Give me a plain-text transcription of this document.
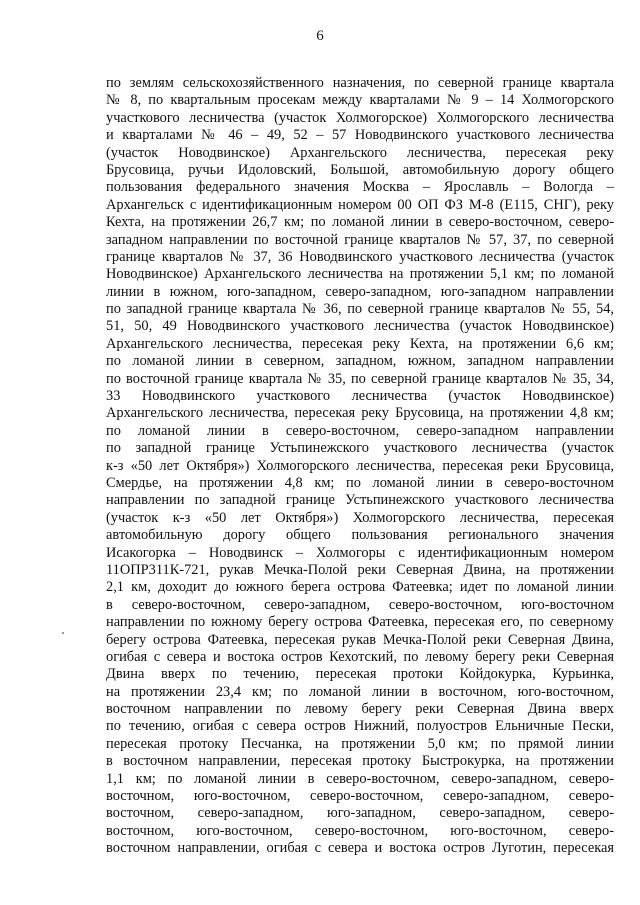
6
по землям сельскохозяйственного назначения, по северной границе квартала
№ 8, по квартальным просекам между кварталами № 9 – 14 Холмогорского
участкового лесничества (участок Холмогорское) Холмогорского лесничества
и кварталами № 46 – 49, 52 – 57 Новодвинского участкового лесничества
(участок Новодвинское) Архангельского лесничества, пересекая реку
Брусовица, ручьи Идоловский, Большой, автомобильную дорогу общего
пользования федерального значения Москва – Ярославль – Вологда –
Архангельск с идентификационным номером 00 ОП ФЗ М-8 (Е115, СНГ), реку
Кехта, на протяжении 26,7 км; по ломаной линии в северо-восточном, северо-
западном направлении по восточной границе кварталов № 57, 37, по северной
границе кварталов № 37, 36 Новодвинского участкового лесничества (участок
Новодвинское) Архангельского лесничества на протяжении 5,1 км; по ломаной
линии в южном, юго-западном, северо-западном, юго-западном направлении
по западной границе квартала № 36, по северной границе кварталов № 55, 54,
51, 50, 49 Новодвинского участкового лесничества (участок Новодвинское)
Архангельского лесничества, пересекая реку Кехта, на протяжении 6,6 км;
по ломаной линии в северном, западном, южном, западном направлении
по восточной границе квартала № 35, по северной границе кварталов № 35, 34,
33 Новодвинского участкового лесничества (участок Новодвинское)
Архангельского лесничества, пересекая реку Брусовица, на протяжении 4,8 км;
по ломаной линии в северо-восточном, северо-западном направлении
по западной границе Устьпинежского участкового лесничества (участок
к-з «50 лет Октября») Холмогорского лесничества, пересекая реки Брусовица,
Смердье, на протяжении 4,8 км; по ломаной линии в северо-восточном
направлении по западной границе Устьпинежского участкового лесничества
(участок к-з «50 лет Октября») Холмогорского лесничества, пересекая
автомобильную дорогу общего пользования регионального значения
Исакогорка – Новодвинск – Холмогоры с идентификационным номером
11ОПР311К-721, рукав Мечка-Полой реки Северная Двина, на протяжении
2,1 км, доходит до южного берега острова Фатеевка; идет по ломаной линии
в северо-восточном, северо-западном, северо-восточном, юго-восточном
направлении по южному берегу острова Фатеевка, пересекая его, по северному
берегу острова Фатеевка, пересекая рукав Мечка-Полой реки Северная Двина,
огибая с севера и востока остров Кехотский, по левому берегу реки Северная
Двина вверх по течению, пересекая протоки Койдокурка, Курьинка,
на протяжении 23,4 км; по ломаной линии в восточном, юго-восточном,
восточном направлении по левому берегу реки Северная Двина вверх
по течению, огибая с севера остров Нижний, полуостров Ельничные Пески,
пересекая протоку Песчанка, на протяжении 5,0 км; по прямой линии
в восточном направлении, пересекая протоку Быстрокурка, на протяжении
1,1 км; по ломаной линии в северо-восточном, северо-западном, северо-
восточном, юго-восточном, северо-восточном, северо-западном, северо-
восточном, северо-западном, юго-западном, северо-западном, северо-
восточном, юго-восточном, северо-восточном, юго-восточном, северо-
восточном направлении, огибая с севера и востока остров Луготин, пересекая
